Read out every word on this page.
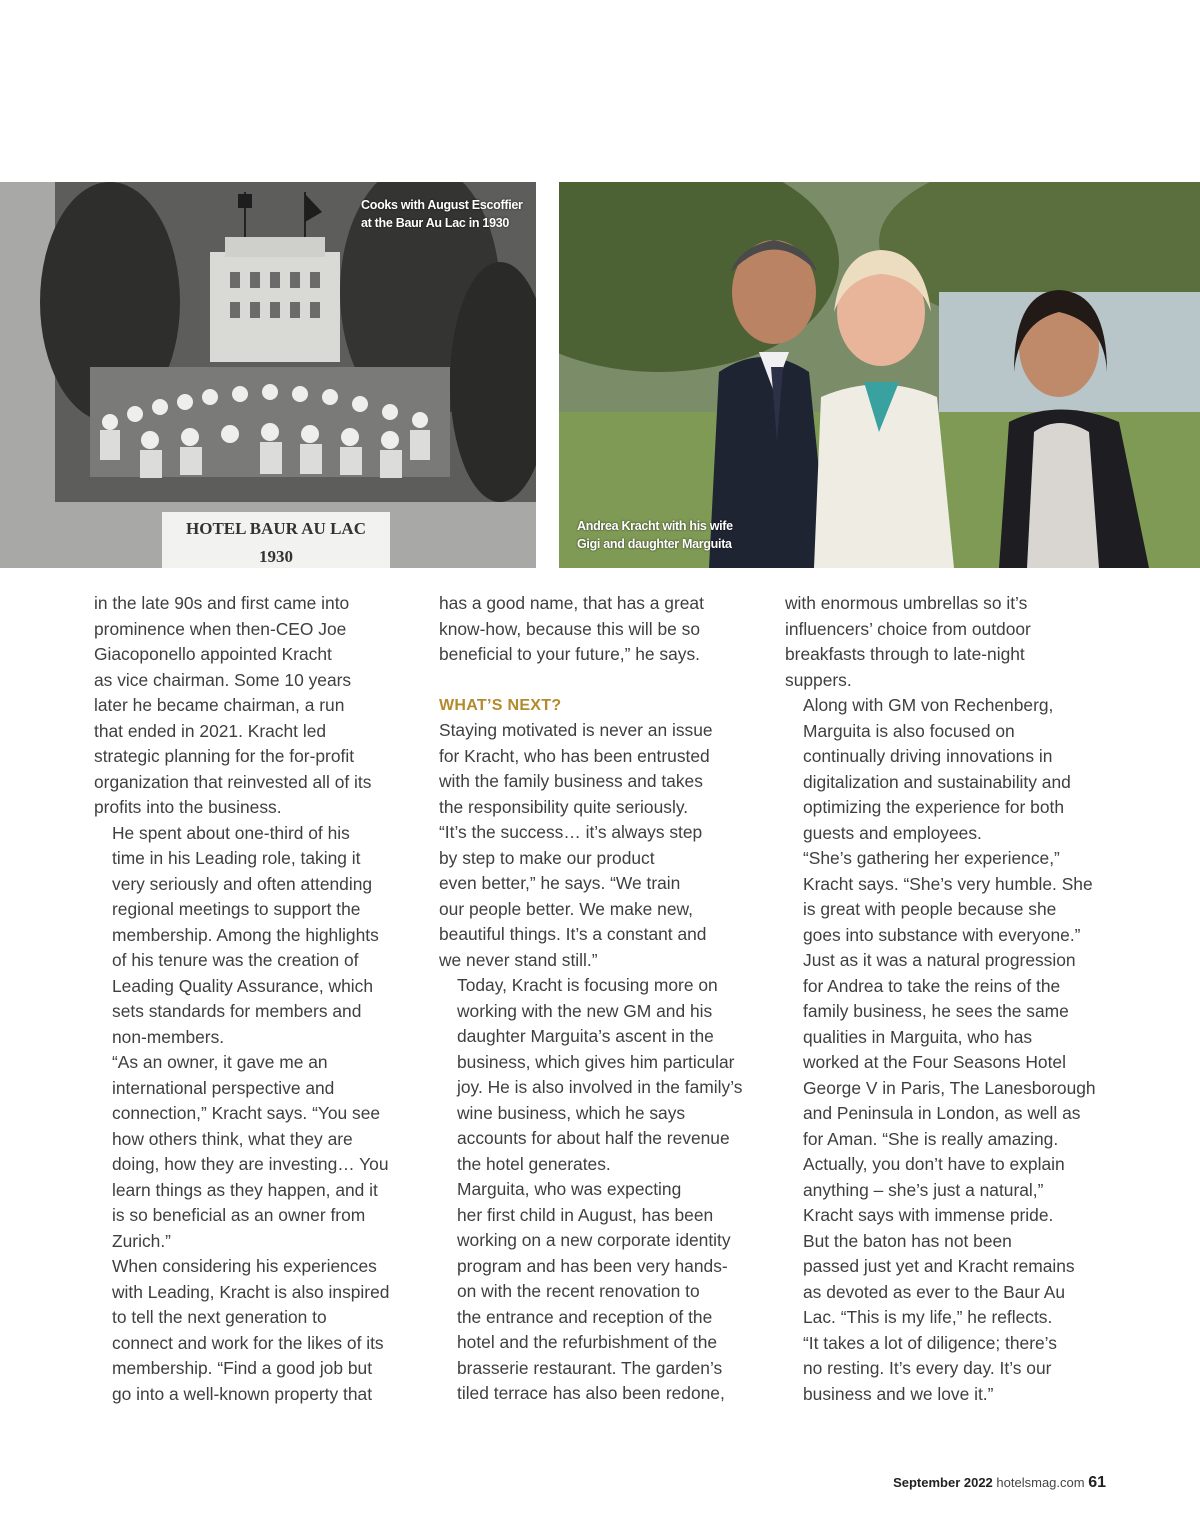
HOTEL BAUR AU LAC
1930
Cooks with August Escoffier
at the Baur Au Lac in 1930
Andrea Kracht with his wife
Gigi and daughter Marguita

in the late 90s and first came into
prominence when then-CEO Joe
Giacoponello appointed Kracht
as vice chairman. Some 10 years
later he became chairman, a run
that ended in 2021. Kracht led
strategic planning for the for-profit
organization that reinvested all of its
profits into the business.

He spent about one-third of his
time in his Leading role, taking it
very seriously and often attending
regional meetings to support the
membership. Among the highlights
of his tenure was the creation of
Leading Quality Assurance, which
sets standards for members and
non-members.

“As an owner, it gave me an
international perspective and
connection,” Kracht says. “You see
how others think, what they are
doing, how they are investing… You
learn things as they happen, and it
is so beneficial as an owner from
Zurich.”

When considering his experiences
with Leading, Kracht is also inspired
to tell the next generation to
connect and work for the likes of its
membership. “Find a good job but
go into a well-known property that

has a good name, that has a great
know-how, because this will be so
beneficial to your future,” he says.

WHAT’S NEXT?

Staying motivated is never an issue
for Kracht, who has been entrusted
with the family business and takes
the responsibility quite seriously.
“It’s the success… it’s always step
by step to make our product
even better,” he says. “We train
our people better. We make new,
beautiful things. It’s a constant and
we never stand still.”

Today, Kracht is focusing more on
working with the new GM and his
daughter Marguita’s ascent in the
business, which gives him particular
joy. He is also involved in the family’s
wine business, which he says
accounts for about half the revenue
the hotel generates.

Marguita, who was expecting
her first child in August, has been
working on a new corporate identity
program and has been very hands-
on with the recent renovation to
the entrance and reception of the
hotel and the refurbishment of the
brasserie restaurant. The garden’s
tiled terrace has also been redone,

with enormous umbrellas so it’s
influencers’ choice from outdoor
breakfasts through to late-night
suppers.

Along with GM von Rechenberg,
Marguita is also focused on
continually driving innovations in
digitalization and sustainability and
optimizing the experience for both
guests and employees.

“She’s gathering her experience,”
Kracht says. “She’s very humble. She
is great with people because she
goes into substance with everyone.”

Just as it was a natural progression
for Andrea to take the reins of the
family business, he sees the same
qualities in Marguita, who has
worked at the Four Seasons Hotel
George V in Paris, The Lanesborough
and Peninsula in London, as well as
for Aman. “She is really amazing.
Actually, you don’t have to explain
anything – she’s just a natural,”
Kracht says with immense pride.

But the baton has not been
passed just yet and Kracht remains
as devoted as ever to the Baur Au
Lac. “This is my life,” he reflects.
“It takes a lot of diligence; there’s
no resting. It’s every day. It’s our
business and we love it.”

September 2022 hotelsmag.com 61
